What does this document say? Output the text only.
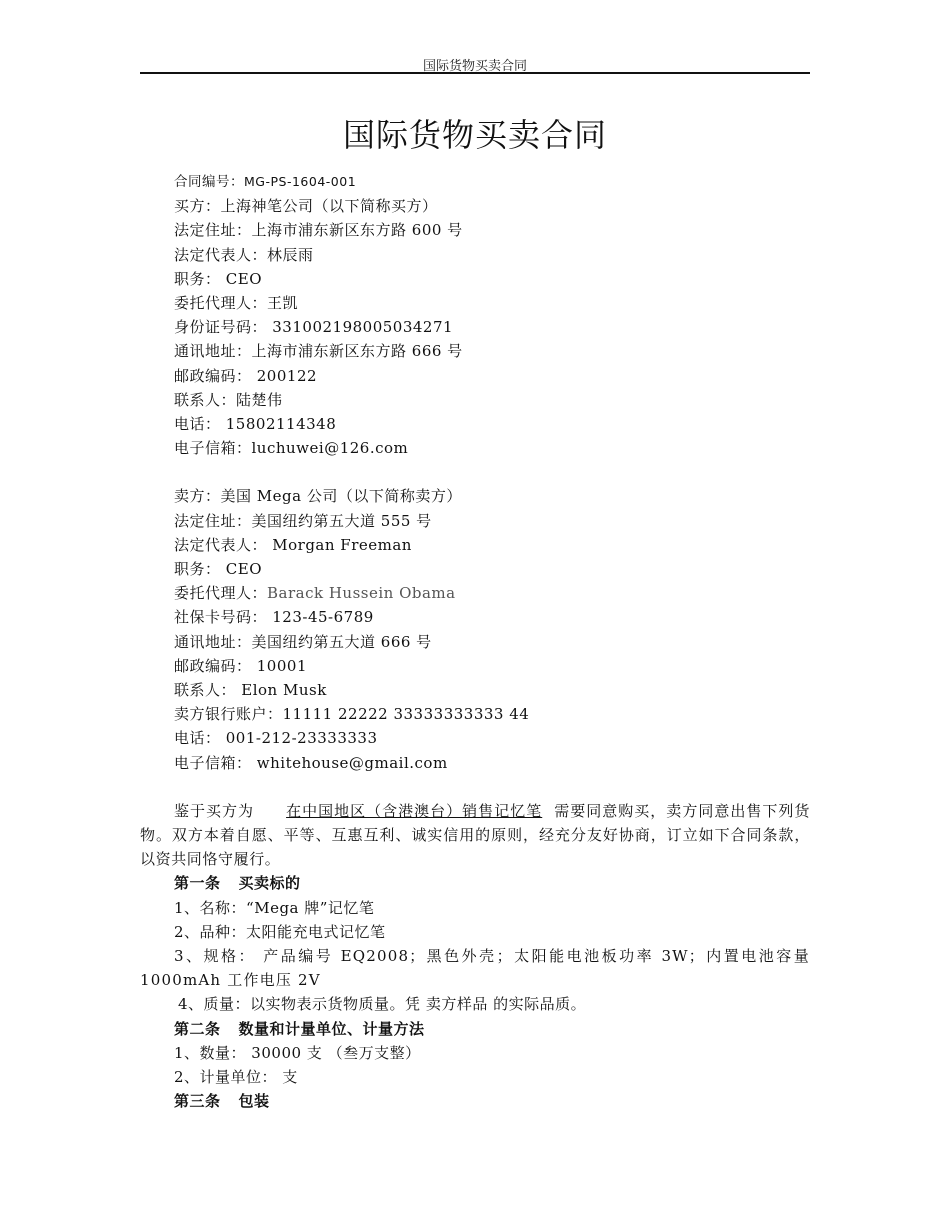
国际货物买卖合同
国际货物买卖合同
合同编号：MG-PS-1604-001
买方：上海神笔公司（以下简称买方）
法定住址：上海市浦东新区东方路 600 号
法定代表人：林辰雨
职务： CEO
委托代理人：王凯
身份证号码： 331002198005034271
通讯地址：上海市浦东新区东方路 666 号
邮政编码： 200122
联系人：陆楚伟
电话： 15802114348
电子信箱：luchuwei@126.com
卖方：美国 Mega 公司（以下简称卖方）
法定住址：美国纽约第五大道 555 号
法定代表人： Morgan Freeman
职务： CEO
委托代理人：Barack Hussein Obama
社保卡号码： 123-45-6789
通讯地址：美国纽约第五大道 666 号
邮政编码： 10001
联系人： Elon Musk
卖方银行账户：11111 22222 33333333333 44
电话： 001-212-23333333
电子信箱： whitehouse@gmail.com

鉴于买方为 在中国地区（含港澳台）销售记忆笔 需要同意购买，卖方同意出售下列货物。双方本着自愿、平等、互惠互利、诚实信用的原则，经充分友好协商，订立如下合同条款，以资共同恪守履行。

第一条 买卖标的
1、名称：“Mega 牌”记忆笔
2、品种：太阳能充电式记忆笔

3、规格： 产品编号 EQ2008；黑色外壳；太阳能电池板功率 3W；内置电池容量 1000mAh 工作电压 2V

4、质量：以实物表示货物质量。凭 卖方样品 的实际品质。
第二条 数量和计量单位、计量方法
1、数量： 30000 支 （叁万支整）
2、计量单位： 支
第三条 包装
